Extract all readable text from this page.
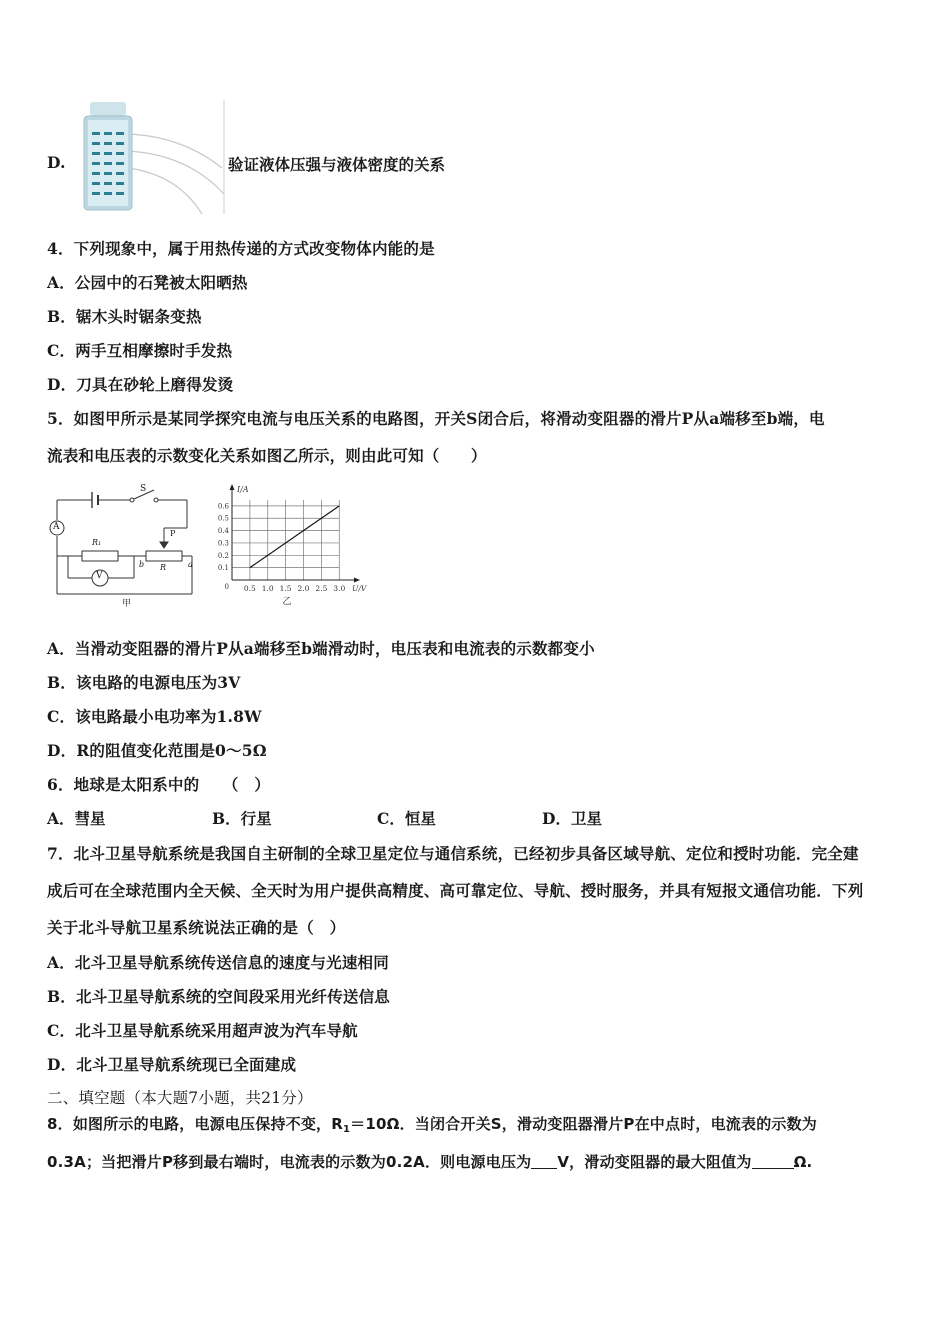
D.	验证液体压强与液体密度的关系
4．下列现象中，属于用热传递的方式改变物体内能的是
A．公园中的石凳被太阳晒热
B．锯木头时锯条变热
C．两手互相摩擦时手发热
D．刀具在砂轮上磨得发烫
5．如图甲所示是某同学探究电流与电压关系的电路图，开关S闭合后，将滑动变阻器的滑片P从a端移至b端，电
流表和电压表的示数变化关系如图乙所示，则由此可知（　　）
S
A
V
R₁
R
P
b	a
甲
0.5 1.0 1.5 2.0 2.5 3.0
0.1
0.2
0.3
0.4
0.5
0.6
I/A
U/V
0
乙
A．当滑动变阻器的滑片P从a端移至b端滑动时，电压表和电流表的示数都变小
B．该电路的电源电压为3V
C．该电路最小电功率为1.8W
D．R的阻值变化范围是0～5Ω
6．地球是太阳系中的　　（　）
A．彗星	B．行星	C．恒星	D．卫星
7．北斗卫星导航系统是我国自主研制的全球卫星定位与通信系统，已经初步具备区域导航、定位和授时功能．完全建
成后可在全球范围内全天候、全天时为用户提供高精度、高可靠定位、导航、授时服务，并具有短报文通信功能．下列
关于北斗导航卫星系统说法正确的是（　）
A．北斗卫星导航系统传送信息的速度与光速相同
B．北斗卫星导航系统的空间段采用光纤传送信息
C．北斗卫星导航系统采用超声波为汽车导航
D．北斗卫星导航系统现已全面建成
二、填空题（本大题7小题，共21分）
8．如图所示的电路，电源电压保持不变，$R_1=10\Omega$．当闭合开关S，滑动变阻器滑片P在中点时，电流表的示数为
0.3A；当把滑片P移到最右端时，电流表的示数为0.2A．则电源电压为 V，滑动变阻器的最大阻值为	Ω.
